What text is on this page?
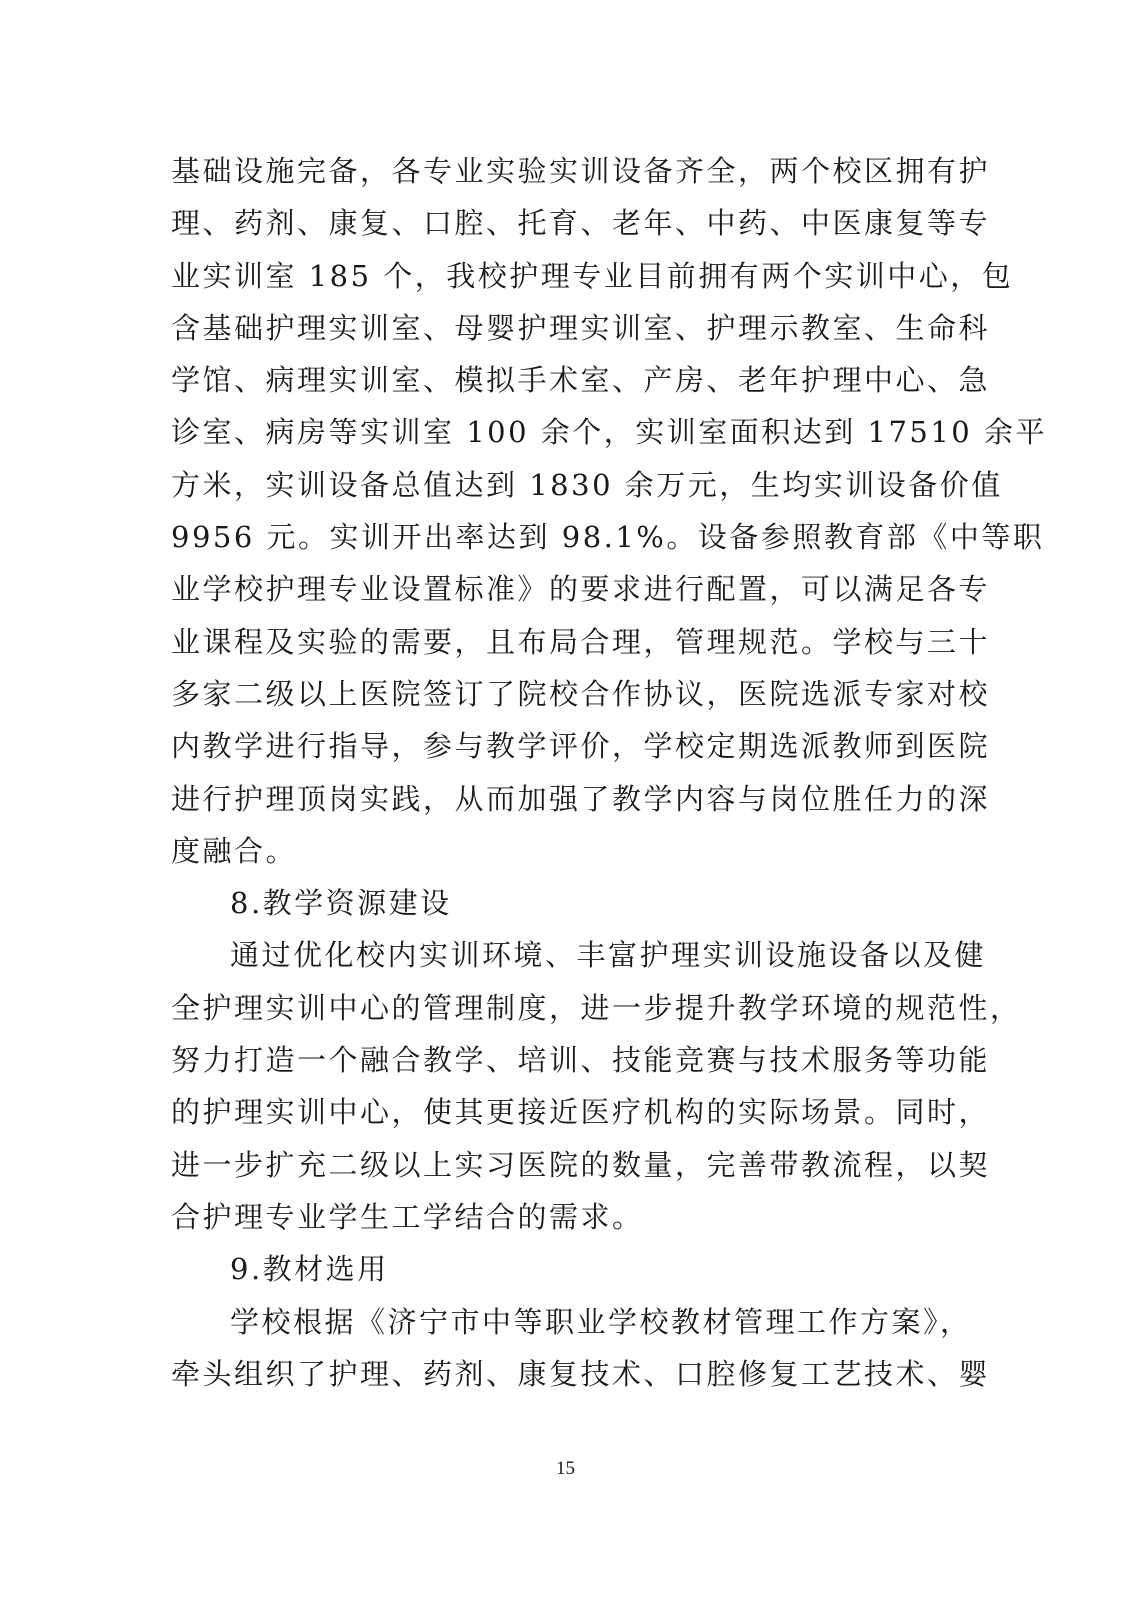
基础设施完备，各专业实验实训设备齐全，两个校区拥有护
理、药剂、康复、口腔、托育、老年、中药、中医康复等专
业实训室 185 个，我校护理专业目前拥有两个实训中心，包
含基础护理实训室、母婴护理实训室、护理示教室、生命科
学馆、病理实训室、模拟手术室、产房、老年护理中心、急
诊室、病房等实训室 100 余个，实训室面积达到 17510 余平
方米，实训设备总值达到 1830 余万元，生均实训设备价值
9956 元。实训开出率达到 98.1%。设备参照教育部《中等职
业学校护理专业设置标准》的要求进行配置，可以满足各专
业课程及实验的需要，且布局合理，管理规范。学校与三十
多家二级以上医院签订了院校合作协议，医院选派专家对校
内教学进行指导，参与教学评价，学校定期选派教师到医院
进行护理顶岗实践，从而加强了教学内容与岗位胜任力的深
度融合。
8.教学资源建设
通过优化校内实训环境、丰富护理实训设施设备以及健
全护理实训中心的管理制度，进一步提升教学环境的规范性，
努力打造一个融合教学、培训、技能竞赛与技术服务等功能
的护理实训中心，使其更接近医疗机构的实际场景。同时，
进一步扩充二级以上实习医院的数量，完善带教流程，以契
合护理专业学生工学结合的需求。
9.教材选用
学校根据《济宁市中等职业学校教材管理工作方案》，
牵头组织了护理、药剂、康复技术、口腔修复工艺技术、婴
15
